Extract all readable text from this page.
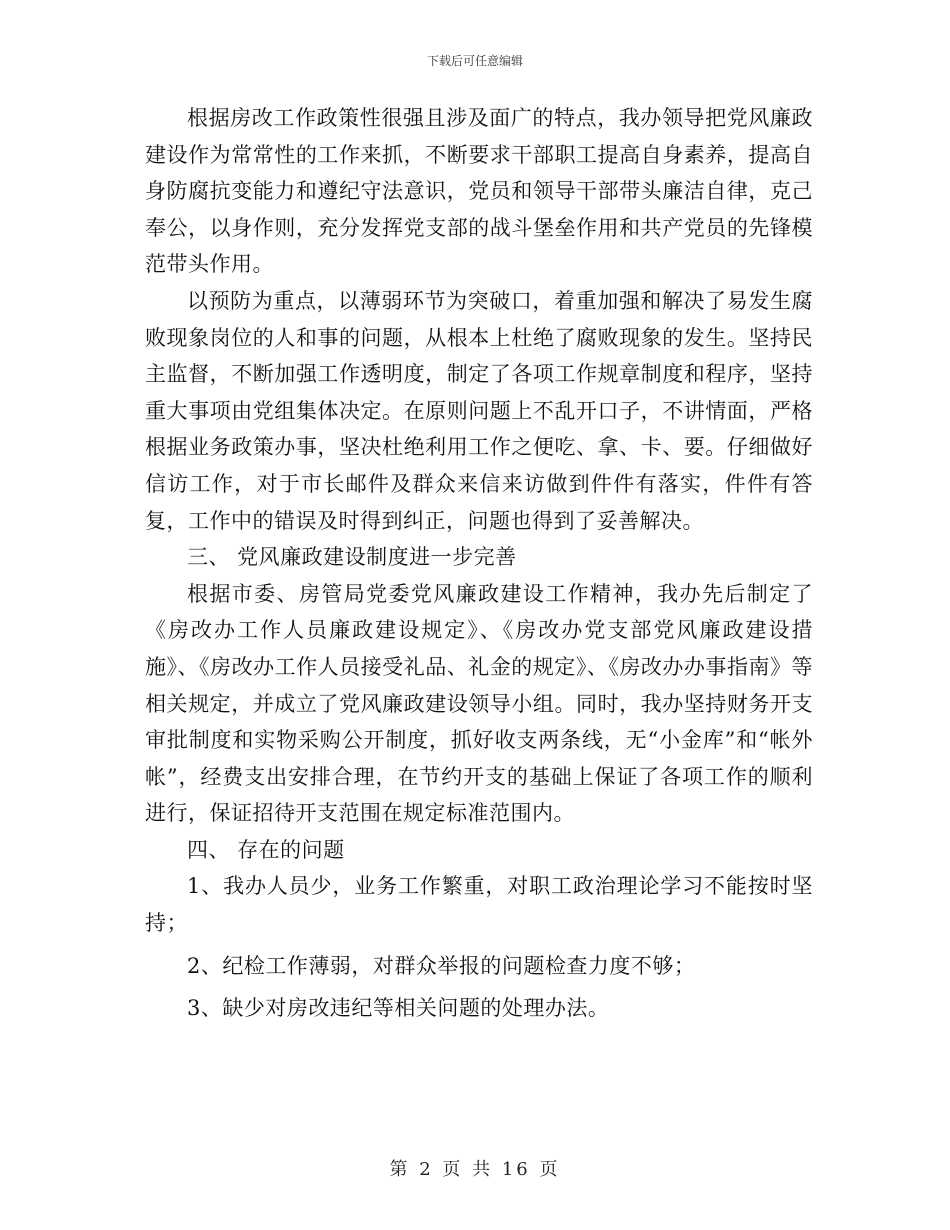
下载后可任意编辑

根据房改工作政策性很强且涉及面广的特点，我办领导把党风廉政建设作为常常性的工作来抓，不断要求干部职工提高自身素养，提高自身防腐抗变能力和遵纪守法意识，党员和领导干部带头廉洁自律，克己奉公，以身作则，充分发挥党支部的战斗堡垒作用和共产党员的先锋模范带头作用。

以预防为重点，以薄弱环节为突破口，着重加强和解决了易发生腐败现象岗位的人和事的问题，从根本上杜绝了腐败现象的发生。坚持民主监督，不断加强工作透明度，制定了各项工作规章制度和程序，坚持重大事项由党组集体决定。在原则问题上不乱开口子，不讲情面，严格根据业务政策办事，坚决杜绝利用工作之便吃、拿、卡、要。仔细做好信访工作，对于市长邮件及群众来信来访做到件件有落实，件件有答复，工作中的错误及时得到纠正，问题也得到了妥善解决。

三、 党风廉政建设制度进一步完善

根据市委、房管局党委党风廉政建设工作精神，我办先后制定了《房改办工作人员廉政建设规定》、《房改办党支部党风廉政建设措施》、《房改办工作人员接受礼品、礼金的规定》、《房改办办事指南》等相关规定，并成立了党风廉政建设领导小组。同时，我办坚持财务开支审批制度和实物采购公开制度，抓好收支两条线，无“小金库”和“帐外帐”，经费支出安排合理，在节约开支的基础上保证了各项工作的顺利进行，保证招待开支范围在规定标准范围内。

四、 存在的问题

1、我办人员少，业务工作繁重，对职工政治理论学习不能按时坚持；

2、纪检工作薄弱，对群众举报的问题检查力度不够；

3、缺少对房改违纪等相关问题的处理办法。

第 2 页 共 16 页
